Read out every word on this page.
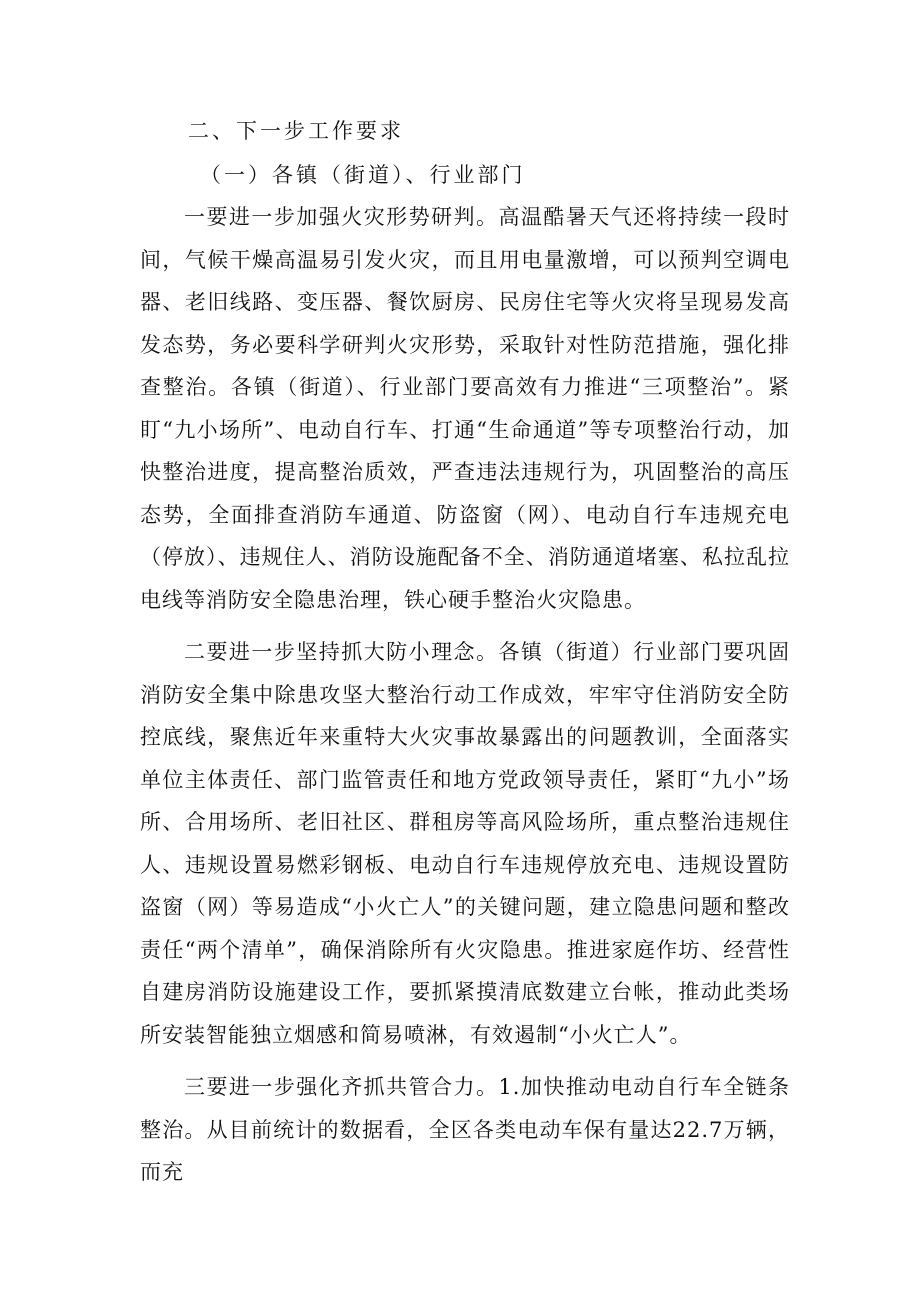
二、下一步工作要求
（一）各镇（街道）、行业部门

一要进一步加强火灾形势研判。高温酷暑天气还将持续一段时间，气候干燥高温易引发火灾，而且用电量激增，可以预判空调电器、老旧线路、变压器、餐饮厨房、民房住宅等火灾将呈现易发高发态势，务必要科学研判火灾形势，采取针对性防范措施，强化排查整治。各镇（街道）、行业部门要高效有力推进“三项整治”。紧盯“九小场所”、电动自行车、打通“生命通道”等专项整治行动，加快整治进度，提高整治质效，严查违法违规行为，巩固整治的高压态势，全面排查消防车通道、防盗窗（网）、电动自行车违规充电（停放）、违规住人、消防设施配备不全、消防通道堵塞、私拉乱拉电线等消防安全隐患治理，铁心硬手整治火灾隐患。

二要进一步坚持抓大防小理念。各镇（街道）行业部门要巩固消防安全集中除患攻坚大整治行动工作成效，牢牢守住消防安全防控底线，聚焦近年来重特大火灾事故暴露出的问题教训，全面落实单位主体责任、部门监管责任和地方党政领导责任，紧盯“九小”场所、合用场所、老旧社区、群租房等高风险场所，重点整治违规住人、违规设置易燃彩钢板、电动自行车违规停放充电、违规设置防盗窗（网）等易造成“小火亡人”的关键问题，建立隐患问题和整改责任“两个清单”，确保消除所有火灾隐患。推进家庭作坊、经营性自建房消防设施建设工作，要抓紧摸清底数建立台帐，推动此类场所安装智能独立烟感和简易喷淋，有效遏制“小火亡人”。

三要进一步强化齐抓共管合力。1.加快推动电动自行车全链条整治。从目前统计的数据看，全区各类电动车保有量达22.7万辆，而充
